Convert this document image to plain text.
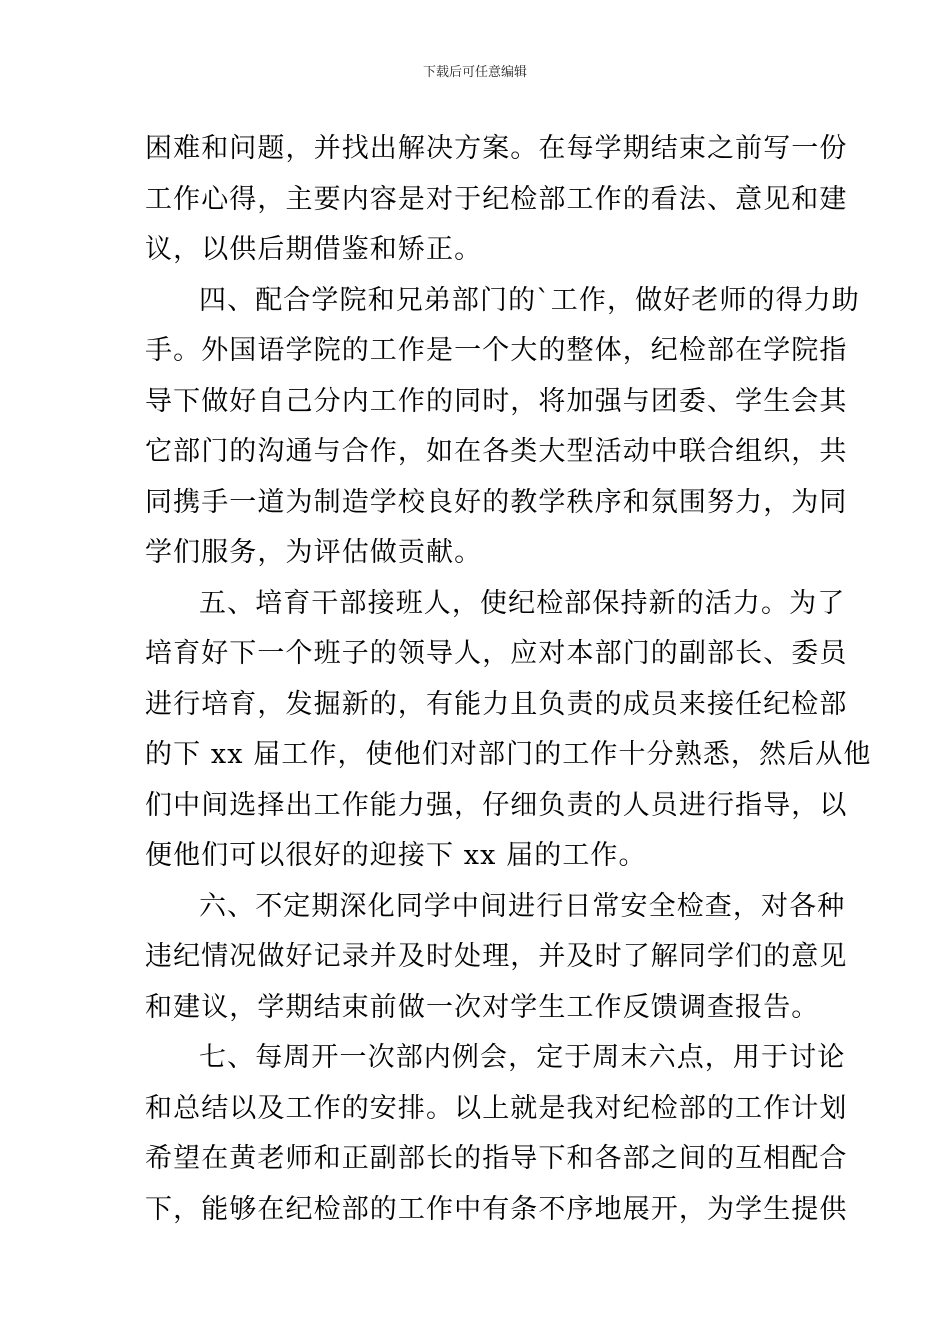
下载后可任意编辑
困难和问题，并找出解决方案。在每学期结束之前写一份
工作心得，主要内容是对于纪检部工作的看法、意见和建
议，以供后期借鉴和矫正。
四、配合学院和兄弟部门的`工作，做好老师的得力助
手。外国语学院的工作是一个大的整体，纪检部在学院指
导下做好自己分内工作的同时，将加强与团委、学生会其
它部门的沟通与合作，如在各类大型活动中联合组织，共
同携手一道为制造学校良好的教学秩序和氛围努力，为同
学们服务，为评估做贡献。
五、培育干部接班人，使纪检部保持新的活力。为了
培育好下一个班子的领导人，应对本部门的副部长、委员
进行培育，发掘新的，有能力且负责的成员来接任纪检部
的下 xx 届工作，使他们对部门的工作十分熟悉，然后从他
们中间选择出工作能力强，仔细负责的人员进行指导，以
便他们可以很好的迎接下 xx 届的工作。
六、不定期深化同学中间进行日常安全检查，对各种
违纪情况做好记录并及时处理，并及时了解同学们的意见
和建议，学期结束前做一次对学生工作反馈调查报告。
七、每周开一次部内例会，定于周末六点，用于讨论
和总结以及工作的安排。以上就是我对纪检部的工作计划
希望在黄老师和正副部长的指导下和各部之间的互相配合
下，能够在纪检部的工作中有条不序地展开，为学生提供
